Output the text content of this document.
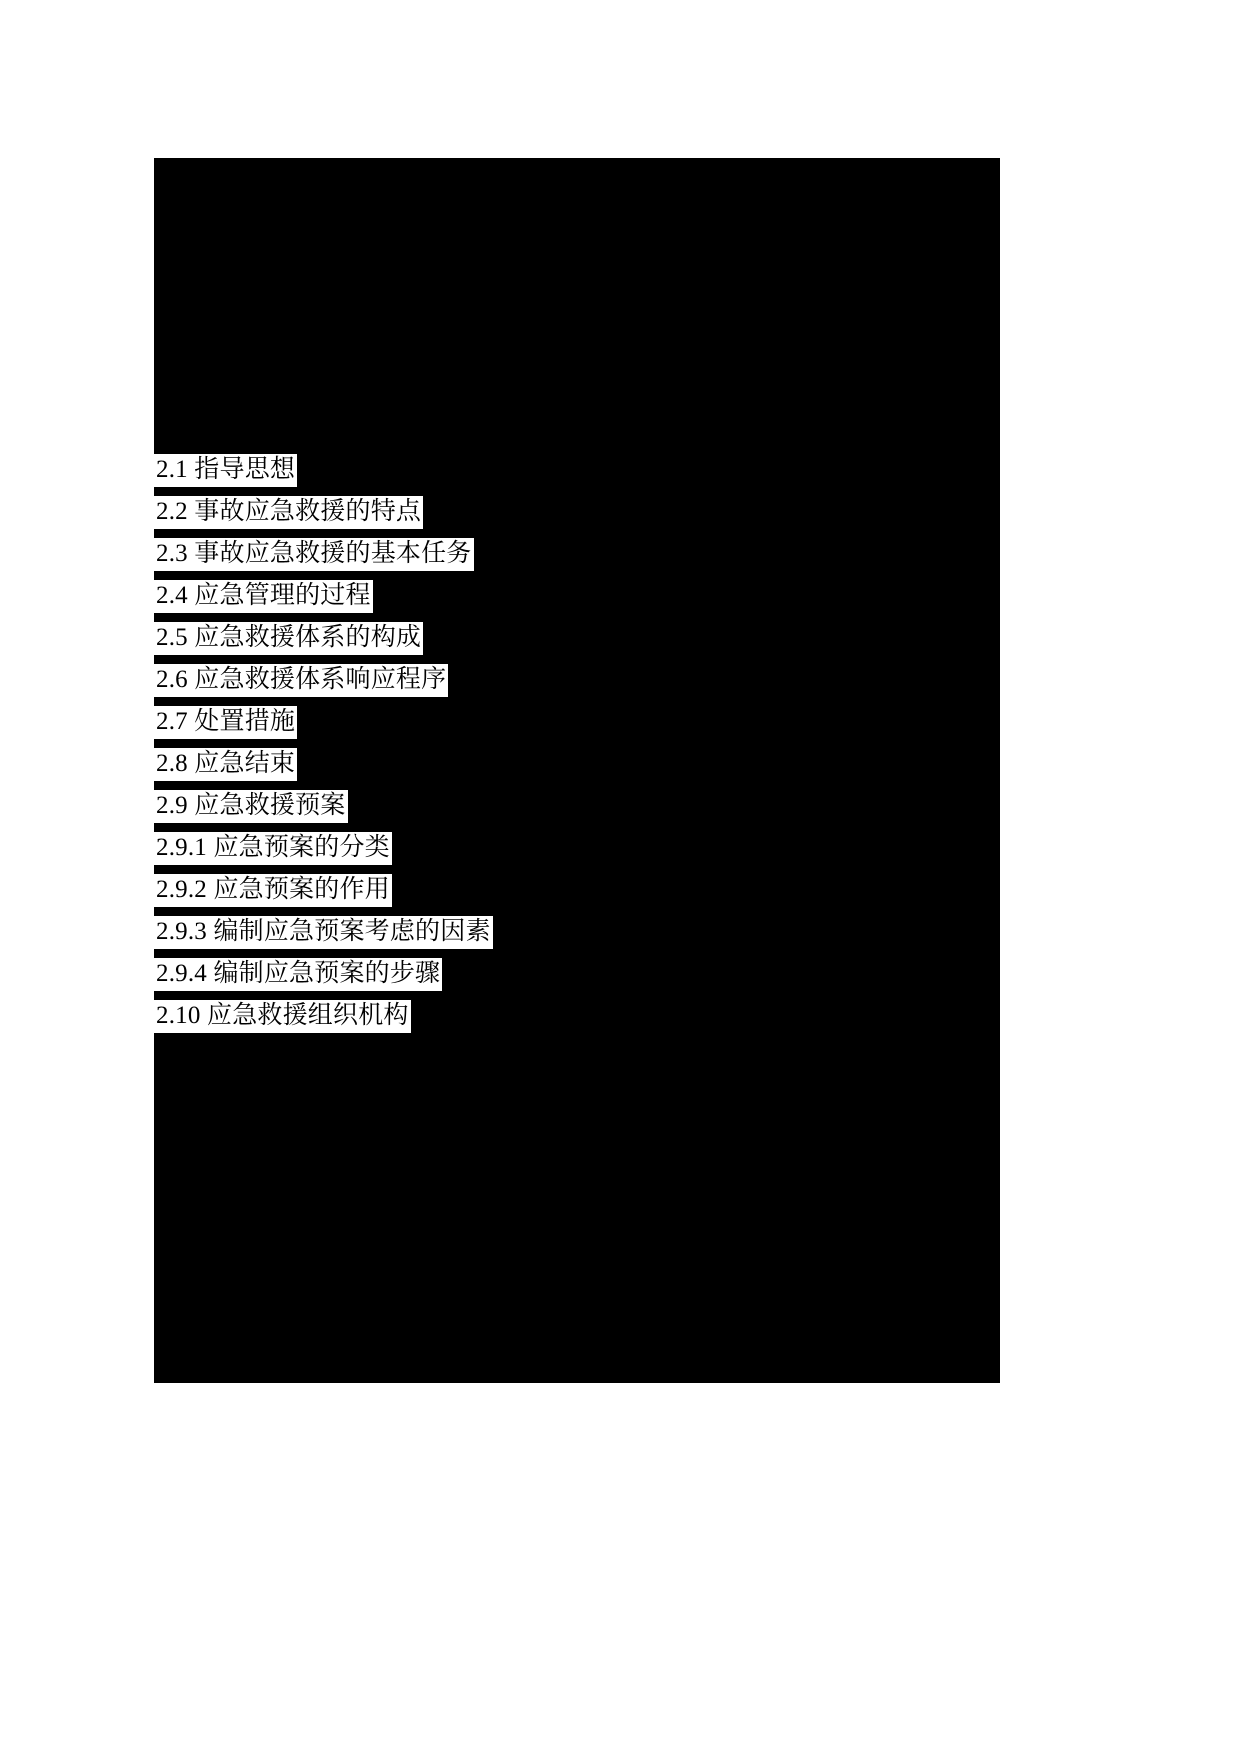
2.1 指导思想
2.2 事故应急救援的特点
2.3 事故应急救援的基本任务
2.4 应急管理的过程
2.5 应急救援体系的构成
2.6 应急救援体系响应程序
2.7 处置措施
2.8 应急结束
2.9 应急救援预案
2.9.1 应急预案的分类
2.9.2 应急预案的作用
2.9.3 编制应急预案考虑的因素
2.9.4 编制应急预案的步骤
2.10 应急救援组织机构
